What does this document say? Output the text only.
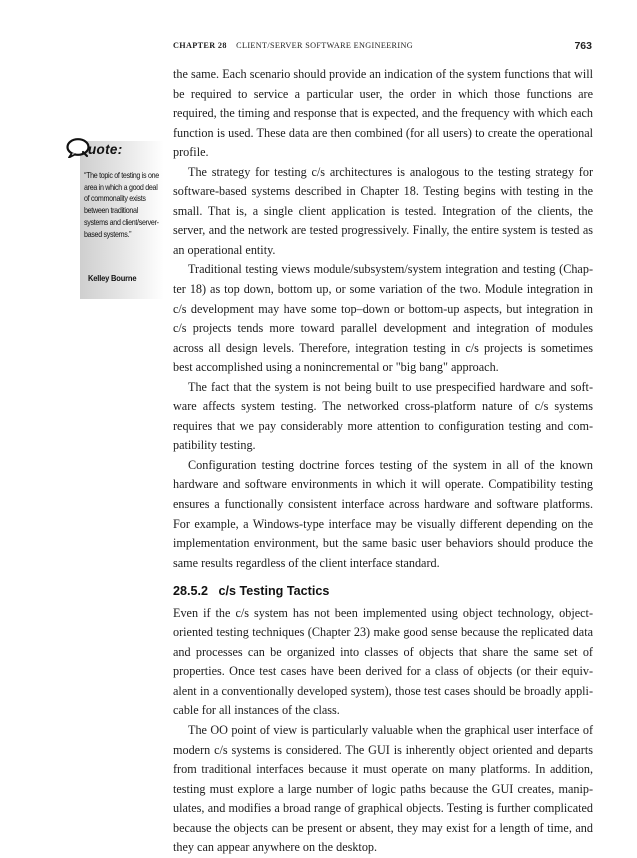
CHAPTER 28 CLIENT/SERVER SOFTWARE ENGINEERING	763
uote:
“The topic of testing is one area in which a good deal of commonality exists between traditional systems and client/server-based systems.”
Kelley Bourne

the same. Each scenario should provide an indication of the system functions that will be required to service a particular user, the order in which those functions are required, the timing and response that is expected, and the frequency with which each function is used. These data are then combined (for all users) to create the operational profile.

The strategy for testing c/s architectures is analogous to the testing strategy for software-based systems described in Chapter 18. Testing begins with testing in the small. That is, a single client application is tested. Integration of the clients, the server, and the network are tested progressively. Finally, the entire system is tested as an operational entity.

Traditional testing views module/subsystem/system integration and testing (Chapter 18) as top down, bottom up, or some variation of the two. Module integration in c/s development may have some top–down or bottom-up aspects, but integration in c/s projects tends more toward parallel development and integration of modules across all design levels. Therefore, integration testing in c/s projects is sometimes best accomplished using a nonincremental or "big bang" approach.

The fact that the system is not being built to use prespecified hardware and software affects system testing. The networked cross-platform nature of c/s systems requires that we pay considerably more attention to configuration testing and compatibility testing.

Configuration testing doctrine forces testing of the system in all of the known hardware and software environments in which it will operate. Compatibility testing ensures a functionally consistent interface across hardware and software platforms. For example, a Windows-type interface may be visually different depending on the implementation environment, but the same basic user behaviors should produce the same results regardless of the client interface standard.

28.5.2 c/s Testing Tactics

Even if the c/s system has not been implemented using object technology, object-oriented testing techniques (Chapter 23) make good sense because the replicated data and processes can be organized into classes of objects that share the same set of properties. Once test cases have been derived for a class of objects (or their equivalent in a conventionally developed system), those test cases should be broadly applicable for all instances of the class.

The OO point of view is particularly valuable when the graphical user interface of modern c/s systems is considered. The GUI is inherently object oriented and departs from traditional interfaces because it must operate on many platforms. In addition, testing must explore a large number of logic paths because the GUI creates, manipulates, and modifies a broad range of graphical objects. Testing is further complicated because the objects can be present or absent, they may exist for a length of time, and they can appear anywhere on the desktop.
